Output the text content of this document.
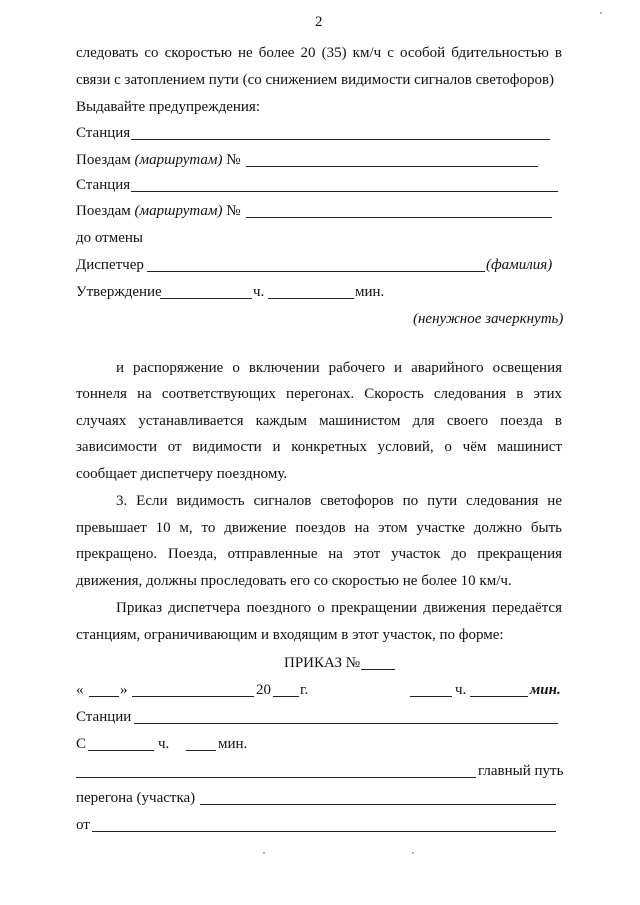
2
следовать со скоростью не более 20 (35) км/ч с особой бдительностью в
связи с затоплением пути (со снижением видимости сигналов светофоров)
Выдавайте предупреждения:
Станция
Поездам (маршрутам) №
Станция
Поездам (маршрутам) №
до отмены
Диспетчер	(фамилия)
Утверждение	ч.	мин.
(ненужное зачеркнуть)
и распоряжение о включении рабочего и аварийного освещения
тоннеля на соответствующих перегонах. Скорость следования в этих
случаях устанавливается каждым машинистом для своего поезда в
зависимости от видимости и конкретных условий, о чём машинист
сообщает диспетчеру поездному.
3. Если видимость сигналов светофоров по пути следования не
превышает 10 м, то движение поездов на этом участке должно быть
прекращено. Поезда, отправленные на этот участок до прекращения
движения, должны проследовать его со скоростью не более 10 км/ч.
Приказ диспетчера поездного о прекращении движения передаётся
станциям, ограничивающим и входящим в этот участок, по форме:
ПРИКАЗ №
« »	20 г.	ч.	мин.
Станции
С	ч.	мин.
главный путь
перегона (участка)
от
